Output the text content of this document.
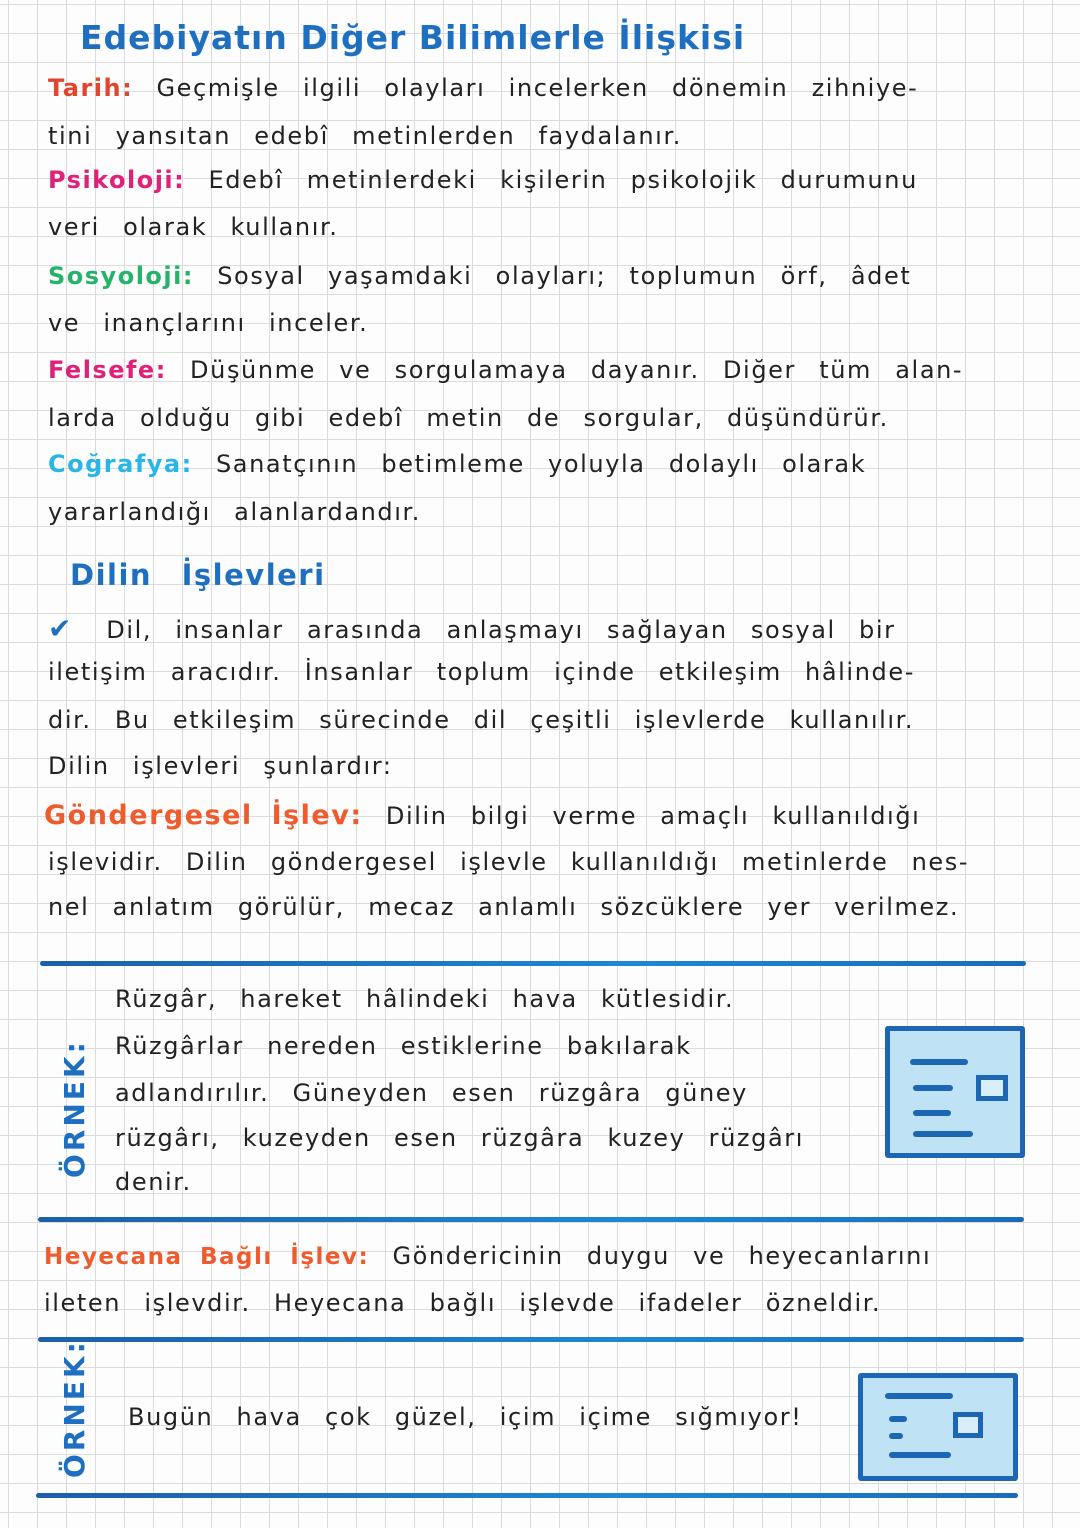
Edebiyatın Diğer Bilimlerle İlişkisi
Tarih: Geçmişle ilgili olayları incelerken dönemin zihniye-
tini yansıtan edebî metinlerden faydalanır.
Psikoloji: Edebî metinlerdeki kişilerin psikolojik durumunu
veri olarak kullanır.
Sosyoloji: Sosyal yaşamdaki olayları; toplumun örf, âdet
ve inançlarını inceler.
Felsefe: Düşünme ve sorgulamaya dayanır. Diğer tüm alan-
larda olduğu gibi edebî metin de sorgular, düşündürür.
Coğrafya: Sanatçının betimleme yoluyla dolaylı olarak
yararlandığı alanlardandır.
Dilin İşlevleri
✔ Dil, insanlar arasında anlaşmayı sağlayan sosyal bir
iletişim aracıdır. İnsanlar toplum içinde etkileşim hâlinde-
dir. Bu etkileşim sürecinde dil çeşitli işlevlerde kullanılır.
Dilin işlevleri şunlardır:
Göndergesel İşlev: Dilin bilgi verme amaçlı kullanıldığı
işlevidir. Dilin göndergesel işlevle kullanıldığı metinlerde nes-
nel anlatım görülür, mecaz anlamlı sözcüklere yer verilmez.
ÖRNEK:
Rüzgâr, hareket hâlindeki hava kütlesidir.
Rüzgârlar nereden estiklerine bakılarak
adlandırılır. Güneyden esen rüzgâra güney
rüzgârı, kuzeyden esen rüzgâra kuzey rüzgârı
denir.
Heyecana Bağlı İşlev: Göndericinin duygu ve heyecanlarını
ileten işlevdir. Heyecana bağlı işlevde ifadeler özneldir.
ÖRNEK: Bugün hava çok güzel, içim içime sığmıyor!
